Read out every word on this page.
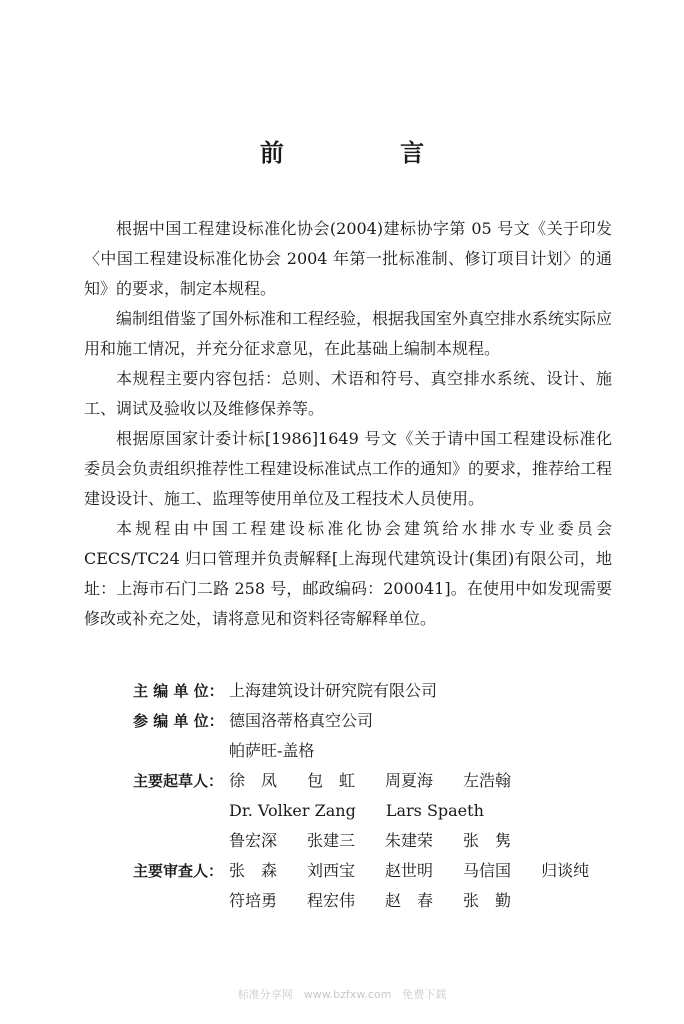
前 言

根据中国工程建设标准化协会(2004)建标协字第 05 号文《关于印发〈中国工程建设标准化协会 2004 年第一批标准制、修订项目计划〉的通知》的要求，制定本规程。

编制组借鉴了国外标准和工程经验，根据我国室外真空排水系统实际应用和施工情况，并充分征求意见，在此基础上编制本规程。

本规程主要内容包括：总则、术语和符号、真空排水系统、设计、施工、调试及验收以及维修保养等。

根据原国家计委计标[1986]1649 号文《关于请中国工程建设标准化委员会负责组织推荐性工程建设标准试点工作的通知》的要求，推荐给工程建设设计、施工、监理等使用单位及工程技术人员使用。

本规程由中国工程建设标准化协会建筑给水排水专业委员会 CECS/TC24 归口管理并负责解释[上海现代建筑设计(集团)有限公司，地址：上海市石门二路 258 号，邮政编码：200041]。在使用中如发现需要修改或补充之处，请将意见和资料径寄解释单位。

主 编 单 位： 上海建筑设计研究院有限公司
参 编 单 位： 德国洛蒂格真空公司
帕萨旺-盖格
主要起草人： 徐　凤 包　虹 周夏海 左浩翰
Dr. Volker Zang Lars Spaeth
鲁宏深 张建三 朱建荣 张　隽
主要审查人： 张　森 刘西宝 赵世明 马信国 归谈纯
符培勇 程宏伟 赵　春 张　勤
标准分享网　www.bzfxw.com　免费下载
